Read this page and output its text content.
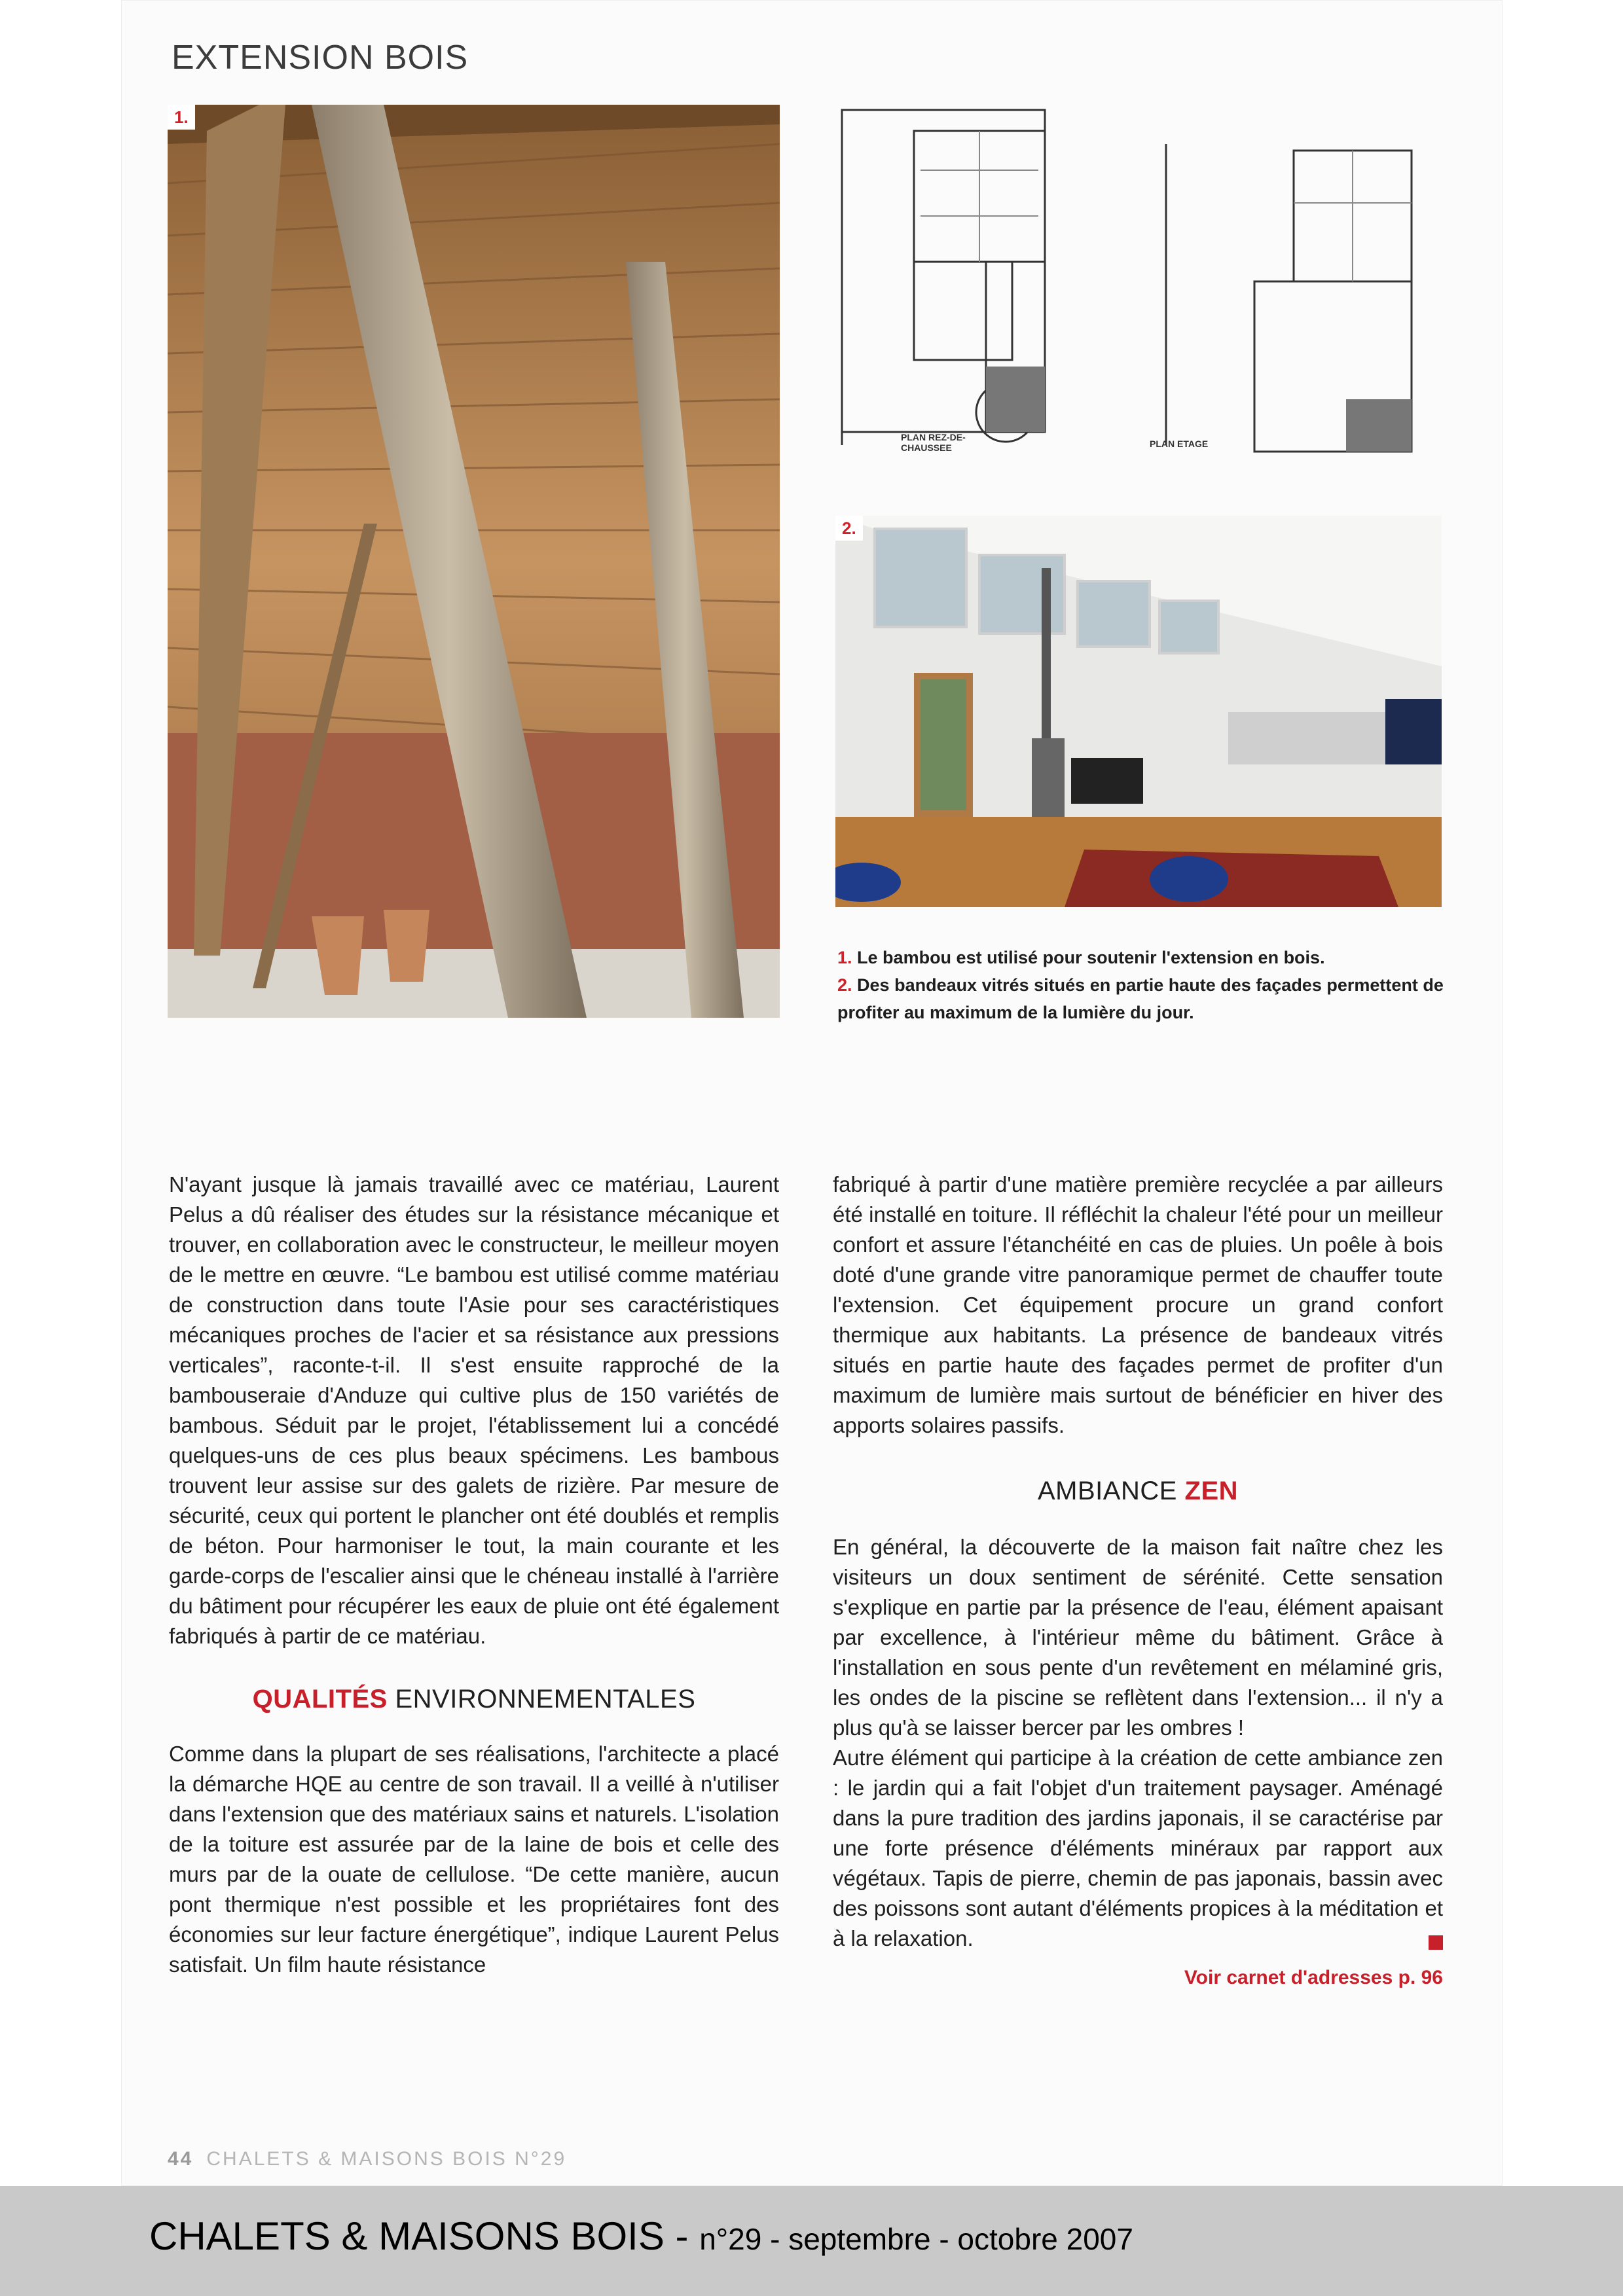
EXTENSION BOIS
1.
PLAN REZ-DE-CHAUSSEE	PLAN ETAGE
2.
1. Le bambou est utilisé pour soutenir l'extension en bois.
2. Des bandeaux vitrés situés en partie haute des façades permettent de profiter au maximum de la lumière du jour.

N'ayant jusque là jamais travaillé avec ce matériau, Laurent Pelus a dû réaliser des études sur la résistance mécanique et trouver, en collaboration avec le constructeur, le meilleur moyen de le mettre en œuvre. “Le bambou est utilisé comme matériau de construction dans toute l'Asie pour ses caractéristiques mécaniques proches de l'acier et sa résistance aux pressions verticales”, raconte-t-il. Il s'est ensuite rapproché de la bambouseraie d'Anduze qui cultive plus de 150 variétés de bambous. Séduit par le projet, l'établissement lui a concédé quelques-uns de ces plus beaux spécimens. Les bambous trouvent leur assise sur des galets de rizière. Par mesure de sécurité, ceux qui portent le plancher ont été doublés et remplis de béton. Pour harmoniser le tout, la main courante et les garde-corps de l'escalier ainsi que le chéneau installé à l'arrière du bâtiment pour récupérer les eaux de pluie ont été également fabriqués à partir de ce matériau.

QUALITÉS ENVIRONNEMENTALES

Comme dans la plupart de ses réalisations, l'architecte a placé la démarche HQE au centre de son travail. Il a veillé à n'utiliser dans l'extension que des matériaux sains et naturels. L'isolation de la toiture est assurée par de la laine de bois et celle des murs par de la ouate de cellulose. “De cette manière, aucun pont thermique n'est possible et les propriétaires font des économies sur leur facture énergétique”, indique Laurent Pelus satisfait. Un film haute résistance

fabriqué à partir d'une matière première recyclée a par ailleurs été installé en toiture. Il réfléchit la chaleur l'été pour un meilleur confort et assure l'étanchéité en cas de pluies. Un poêle à bois doté d'une grande vitre panoramique permet de chauffer toute l'extension. Cet équipement procure un grand confort thermique aux habitants. La présence de bandeaux vitrés situés en partie haute des façades permet de profiter d'un maximum de lumière mais surtout de bénéficier en hiver des apports solaires passifs.

AMBIANCE ZEN

En général, la découverte de la maison fait naître chez les visiteurs un doux sentiment de sérénité. Cette sensation s'explique en partie par la présence de l'eau, élément apaisant par excellence, à l'intérieur même du bâtiment. Grâce à l'installation en sous pente d'un revêtement en mélaminé gris, les ondes de la piscine se reflètent dans l'extension... il n'y a plus qu'à se laisser bercer par les ombres !

Autre élément qui participe à la création de cette ambiance zen : le jardin qui a fait l'objet d'un traitement paysager. Aménagé dans la pure tradition des jardins japonais, il se caractérise par une forte présence d'éléments minéraux par rapport aux végétaux. Tapis de pierre, chemin de pas japonais, bassin avec des poissons sont autant d'éléments propices à la méditation et à la relaxation.

Voir carnet d'adresses p. 96
44 CHALETS & MAISONS BOIS N°29
CHALETS & MAISONS BOIS - n°29 - septembre - octobre 2007
